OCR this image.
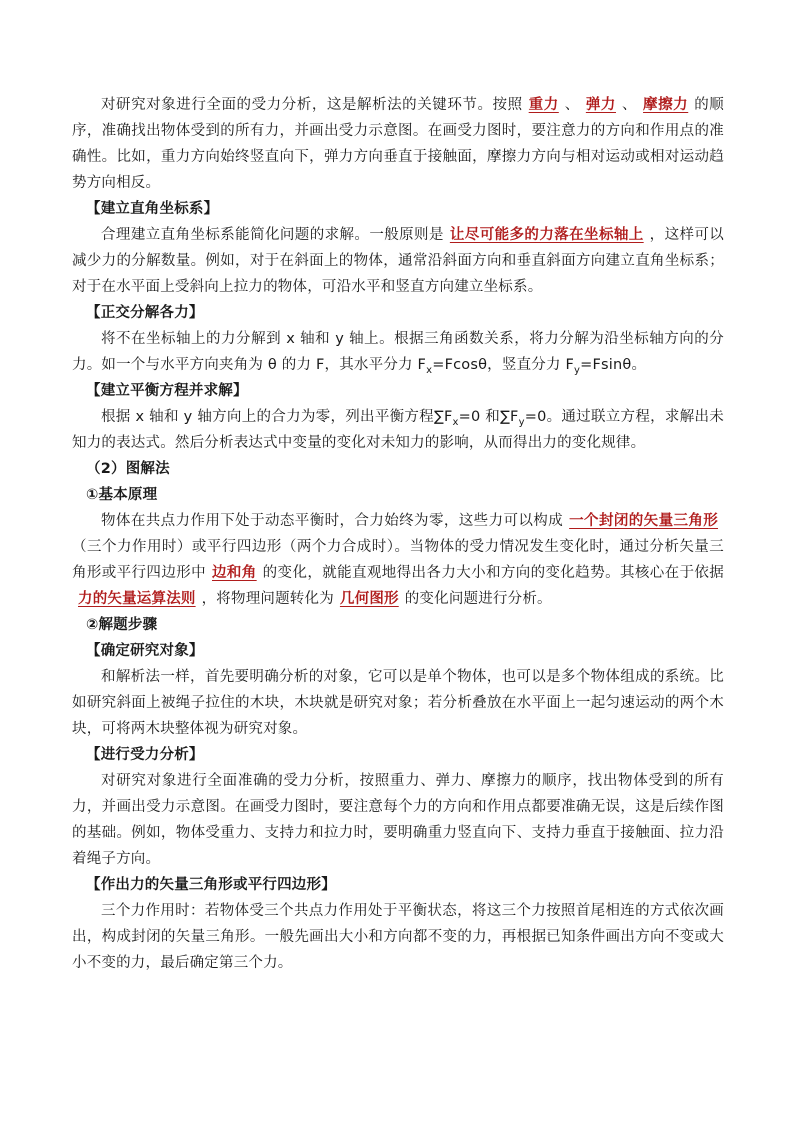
对研究对象进行全面的受力分析，这是解析法的关键环节。按照 重力 、 弹力 、 摩擦力 的顺序，准确找出物体受到的所有力，并画出受力示意图。在画受力图时，要注意力的方向和作用点的准确性。比如，重力方向始终竖直向下，弹力方向垂直于接触面，摩擦力方向与相对运动或相对运动趋势方向相反。

【建立直角坐标系】

合理建立直角坐标系能简化问题的求解。一般原则是 让尽可能多的力落在坐标轴上 ，这样可以减少力的分解数量。例如，对于在斜面上的物体，通常沿斜面方向和垂直斜面方向建立直角坐标系；对于在水平面上受斜向上拉力的物体，可沿水平和竖直方向建立坐标系。

【正交分解各力】

将不在坐标轴上的力分解到 x 轴和 y 轴上。根据三角函数关系，将力分解为沿坐标轴方向的分力。如一个与水平方向夹角为 θ 的力 F，其水平分力 $F_x=Fcos\theta$，竖直分力 $F_y=Fsin\theta$。

【建立平衡方程并求解】

根据 x 轴和 y 轴方向上的合力为零，列出平衡方程$\sum F_x=0$ 和$\sum F_y=0$。通过联立方程，求解出未知力的表达式。然后分析表达式中变量的变化对未知力的影响，从而得出力的变化规律。

（2）图解法

①基本原理

物体在共点力作用下处于动态平衡时，合力始终为零，这些力可以构成 一个封闭的矢量三角形（三个力作用时）或平行四边形（两个力合成时）。当物体的受力情况发生变化时，通过分析矢量三角形或平行四边形中 边和角 的变化，就能直观地得出各力大小和方向的变化趋势。其核心在于依据力的矢量运算法则 ，将物理问题转化为 几何图形 的变化问题进行分析。

②解题步骤

【确定研究对象】

和解析法一样，首先要明确分析的对象，它可以是单个物体，也可以是多个物体组成的系统。比如研究斜面上被绳子拉住的木块，木块就是研究对象；若分析叠放在水平面上一起匀速运动的两个木块，可将两木块整体视为研究对象。

【进行受力分析】

对研究对象进行全面准确的受力分析，按照重力、弹力、摩擦力的顺序，找出物体受到的所有力，并画出受力示意图。在画受力图时，要注意每个力的方向和作用点都要准确无误，这是后续作图的基础。例如，物体受重力、支持力和拉力时，要明确重力竖直向下、支持力垂直于接触面、拉力沿着绳子方向。

【作出力的矢量三角形或平行四边形】

三个力作用时：若物体受三个共点力作用处于平衡状态，将这三个力按照首尾相连的方式依次画出，构成封闭的矢量三角形。一般先画出大小和方向都不变的力，再根据已知条件画出方向不变或大小不变的力，最后确定第三个力。
